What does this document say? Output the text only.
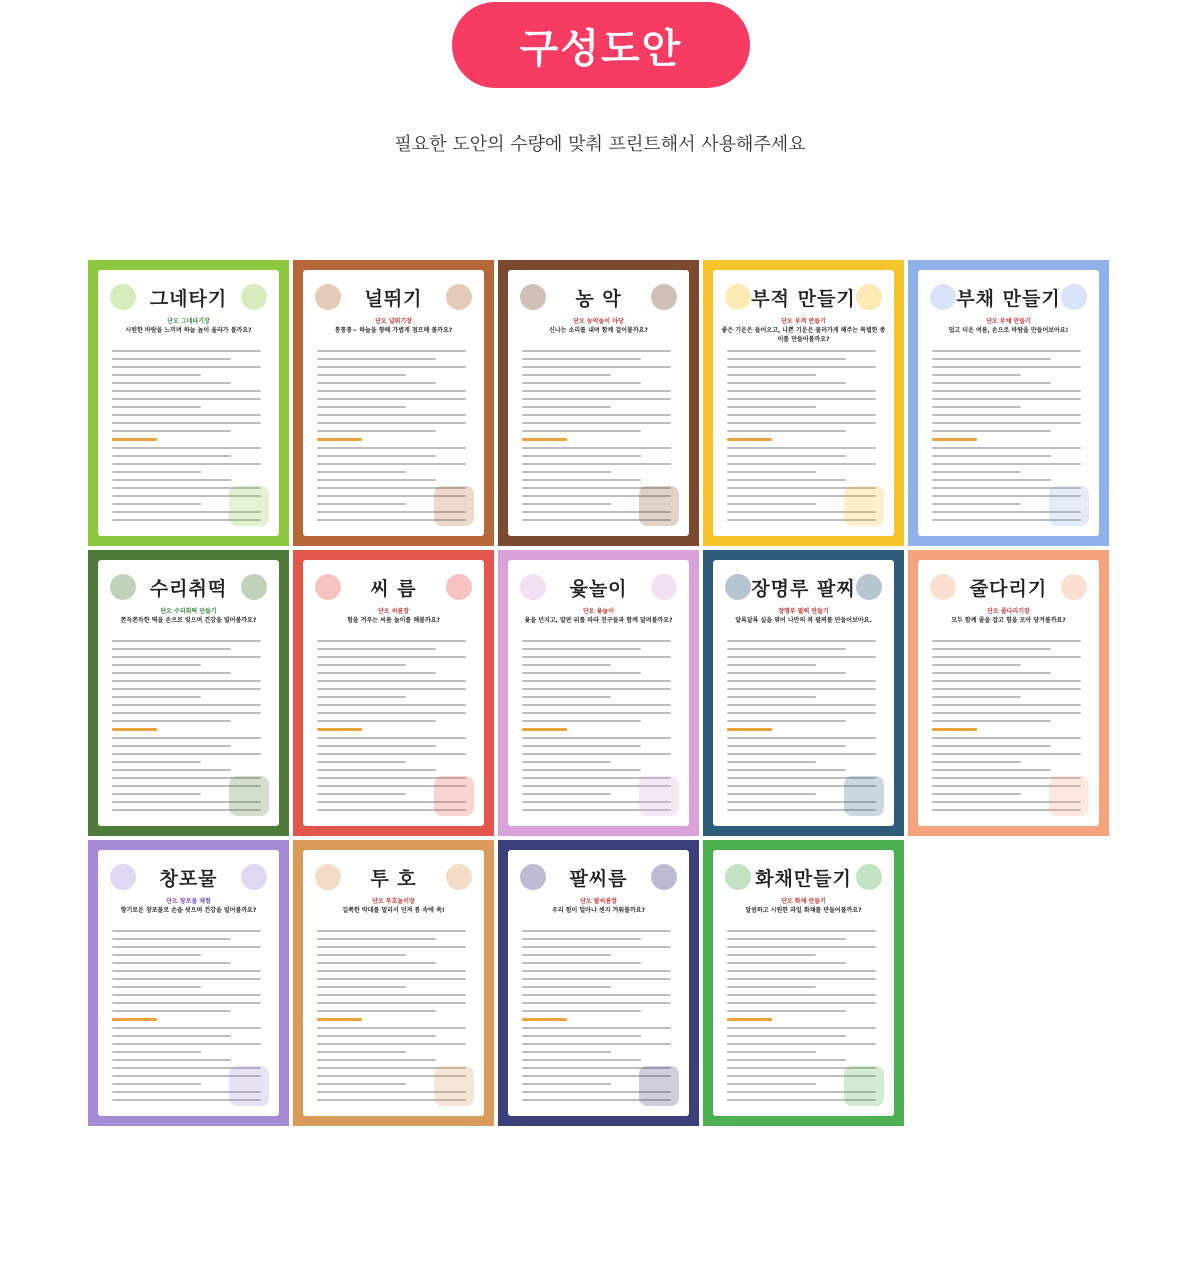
구성도안
필요한 도안의 수량에 맞춰 프린트해서 사용해주세요
그네타기
단오 그네타기장
시원한 바람을 느끼며 하늘 높이 올라가 볼까요?
널뛰기
단오 널뛰기장
통통통~ 하늘을 향해 가볍게 점프해 볼까요?
농 악
단오 농악놀이 마당
신나는 소리를 내며 함께 걸어볼까요?
부적 만들기
단오 부적 만들기
좋은 기운은 들어오고, 나쁜 기운은 물러가게 해주는 특별한 종이를 만들어볼까요?
부채 만들기
단오 부채 만들기
덥고 더운 여름, 손으로 바람을 만들어보아요!
수리취떡
단오 수리취떡 만들기
쫀득쫀득한 떡을 손으로 빚으며 건강을 빌어볼까요?
씨 름
단오 씨름장
힘을 겨루는 씨름 놀이를 해볼까요?
윷놀이
단오 윷놀이
윷을 던지고, 말판 위를 따라 친구들과 함께 달려볼까요?
장명루 팔찌
장명루 팔찌 만들기
알록달록 실을 엮어 나만의 복 팔찌를 만들어보아요.
줄다리기
단오 줄다리기장
모두 함께 줄을 잡고 힘을 모아 당겨볼까요?
창포물
단오 창포물 체험
향기로운 창포물로 손을 씻으며 건강을 빌어볼까요?
투 호
단오 투호놀이장
길쭉한 막대를 멀리서 던져 통 속에 쏙!
팔씨름
단오 팔씨름장
우리 힘이 얼마나 센지 겨뤄볼까요?
화채만들기
단오 화채 만들기
달콤하고 시원한 과일 화채를 만들어볼까요?
